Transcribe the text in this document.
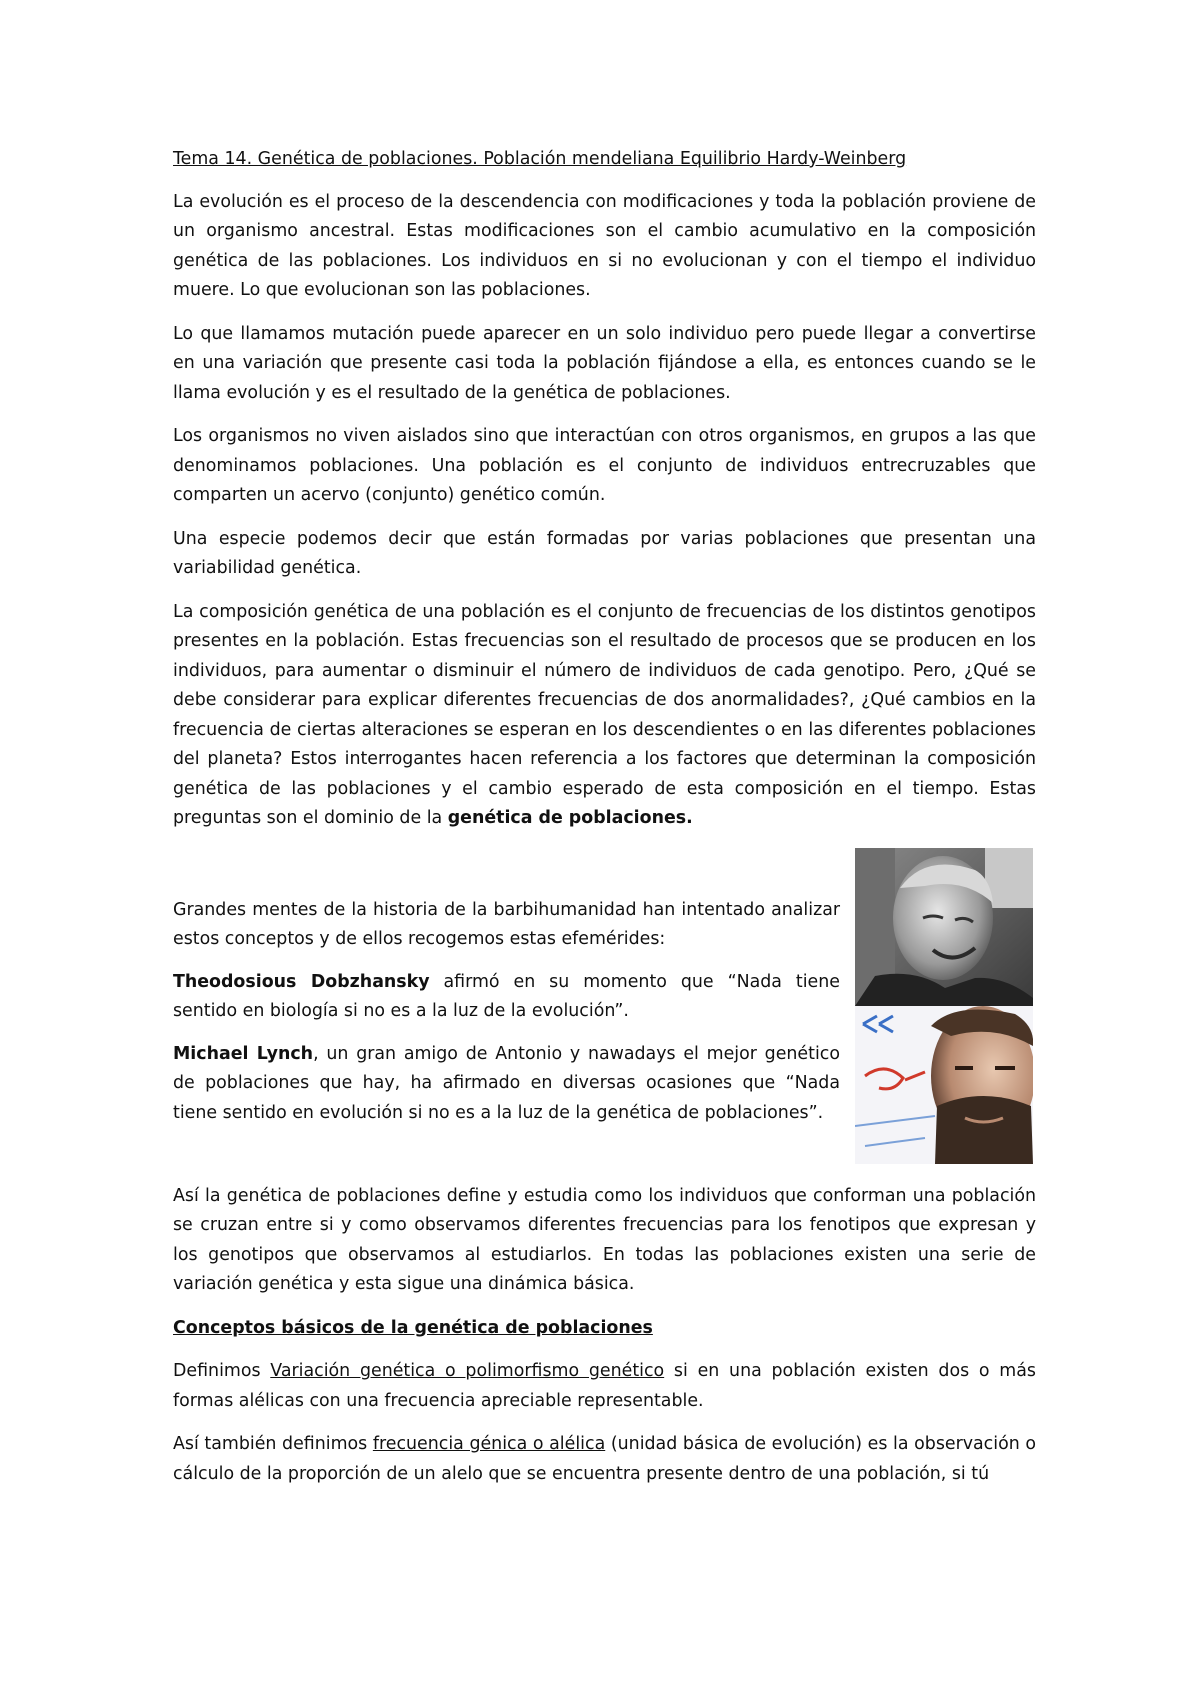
Tema 14. Genética de poblaciones. Población mendeliana Equilibrio Hardy-Weinberg

La evolución es el proceso de la descendencia con modificaciones y toda la población proviene de un organismo ancestral. Estas modificaciones son el cambio acumulativo en la composición genética de las poblaciones. Los individuos en si no evolucionan y con el tiempo el individuo muere. Lo que evolucionan son las poblaciones.

Lo que llamamos mutación puede aparecer en un solo individuo pero puede llegar a convertirse en una variación que presente casi toda la población fijándose a ella, es entonces cuando se le llama evolución y es el resultado de la genética de poblaciones.

Los organismos no viven aislados sino que interactúan con otros organismos, en grupos a las que denominamos poblaciones. Una población es el conjunto de individuos entrecruzables que comparten un acervo (conjunto) genético común.

Una especie podemos decir que están formadas por varias poblaciones que presentan una variabilidad genética.

La composición genética de una población es el conjunto de frecuencias de los distintos genotipos presentes en la población. Estas frecuencias son el resultado de procesos que se producen en los individuos, para aumentar o disminuir el número de individuos de cada genotipo. Pero, ¿Qué se debe considerar para explicar diferentes frecuencias de dos anormalidades?, ¿Qué cambios en la frecuencia de ciertas alteraciones se esperan en los descendientes o en las diferentes poblaciones del planeta? Estos interrogantes hacen referencia a los factores que determinan la composición genética de las poblaciones y el cambio esperado de esta composición en el tiempo. Estas preguntas son el dominio de la genética de poblaciones.

Grandes mentes de la historia de la barbihumanidad han intentado analizar estos conceptos y de ellos recogemos estas efemérides:

Theodosious Dobzhansky afirmó en su momento que “Nada tiene sentido en biología si no es a la luz de la evolución”.

Michael Lynch, un gran amigo de Antonio y nawadays el mejor genético de poblaciones que hay, ha afirmado en diversas ocasiones que “Nada tiene sentido en evolución si no es a la luz de la genética de poblaciones”.

Así la genética de poblaciones define y estudia como los individuos que conforman una población se cruzan entre si y como observamos diferentes frecuencias para los fenotipos que expresan y los genotipos que observamos al estudiarlos. En todas las poblaciones existen una serie de variación genética y esta sigue una dinámica básica.

Conceptos básicos de la genética de poblaciones

Definimos Variación genética o polimorfismo genético si en una población existen dos o más formas alélicas con una frecuencia apreciable representable.

Así también definimos frecuencia génica o alélica (unidad básica de evolución) es la observación o cálculo de la proporción de un alelo que se encuentra presente dentro de una población, si tú
